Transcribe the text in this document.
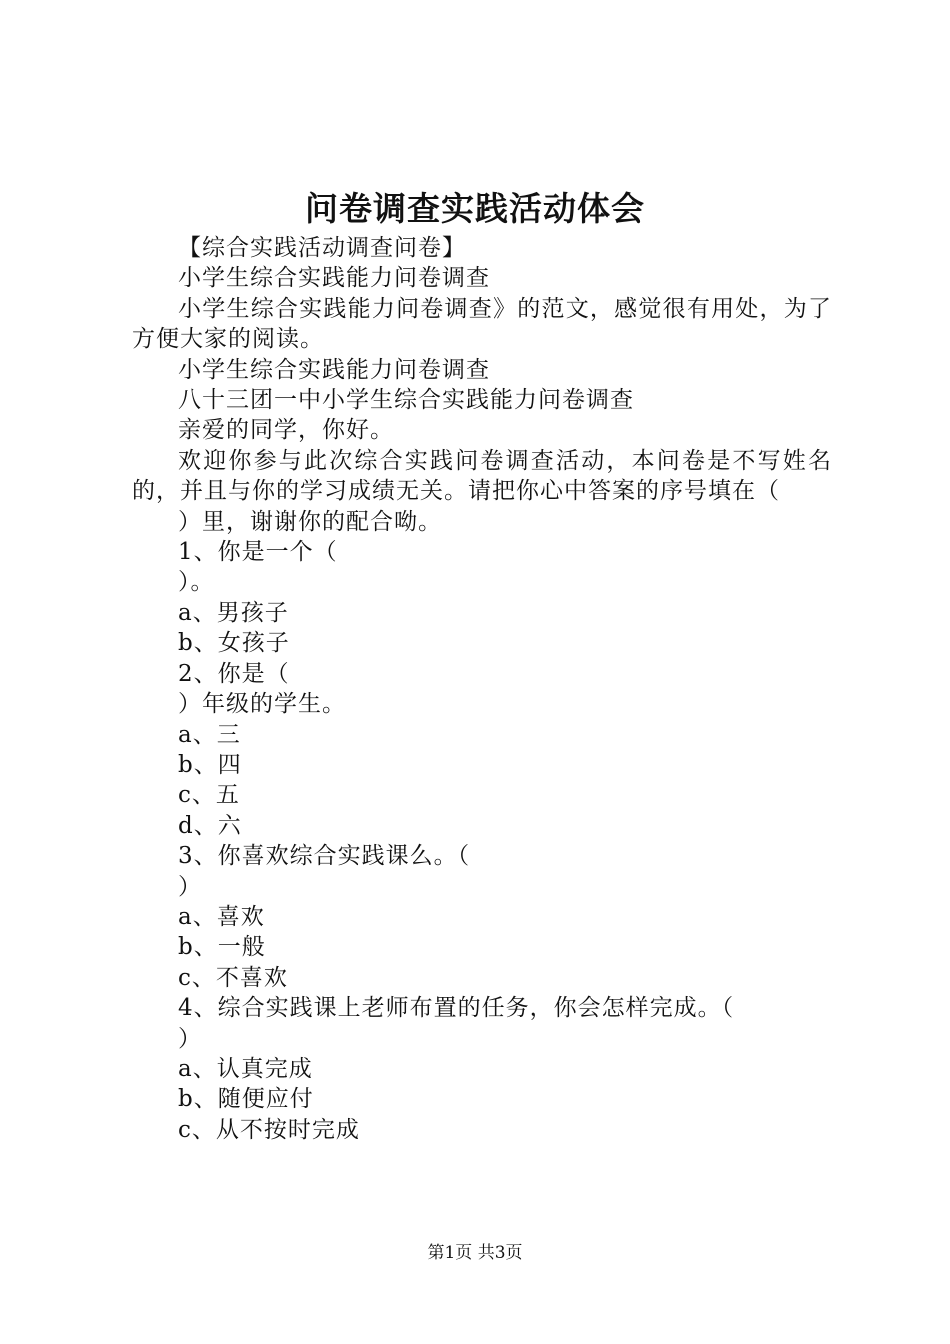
问卷调查实践活动体会

【综合实践活动调查问卷】

小学生综合实践能力问卷调查

小学生综合实践能力问卷调查》的范文，感觉很有用处，为了方便大家的阅读。

小学生综合实践能力问卷调查

八十三团一中小学生综合实践能力问卷调查

亲爱的同学，你好。

欢迎你参与此次综合实践问卷调查活动，本问卷是不写姓名的，并且与你的学习成绩无关。请把你心中答案的序号填在（

）里，谢谢你的配合呦。

1、你是一个（

）。

a、男孩子

b、女孩子

2、你是（

）年级的学生。

a、三

b、四

c、五

d、六

3、你喜欢综合实践课么。（

）

a、喜欢

b、一般

c、不喜欢

4、综合实践课上老师布置的任务，你会怎样完成。（

）

a、认真完成

b、随便应付

c、从不按时完成

第1页 共3页
